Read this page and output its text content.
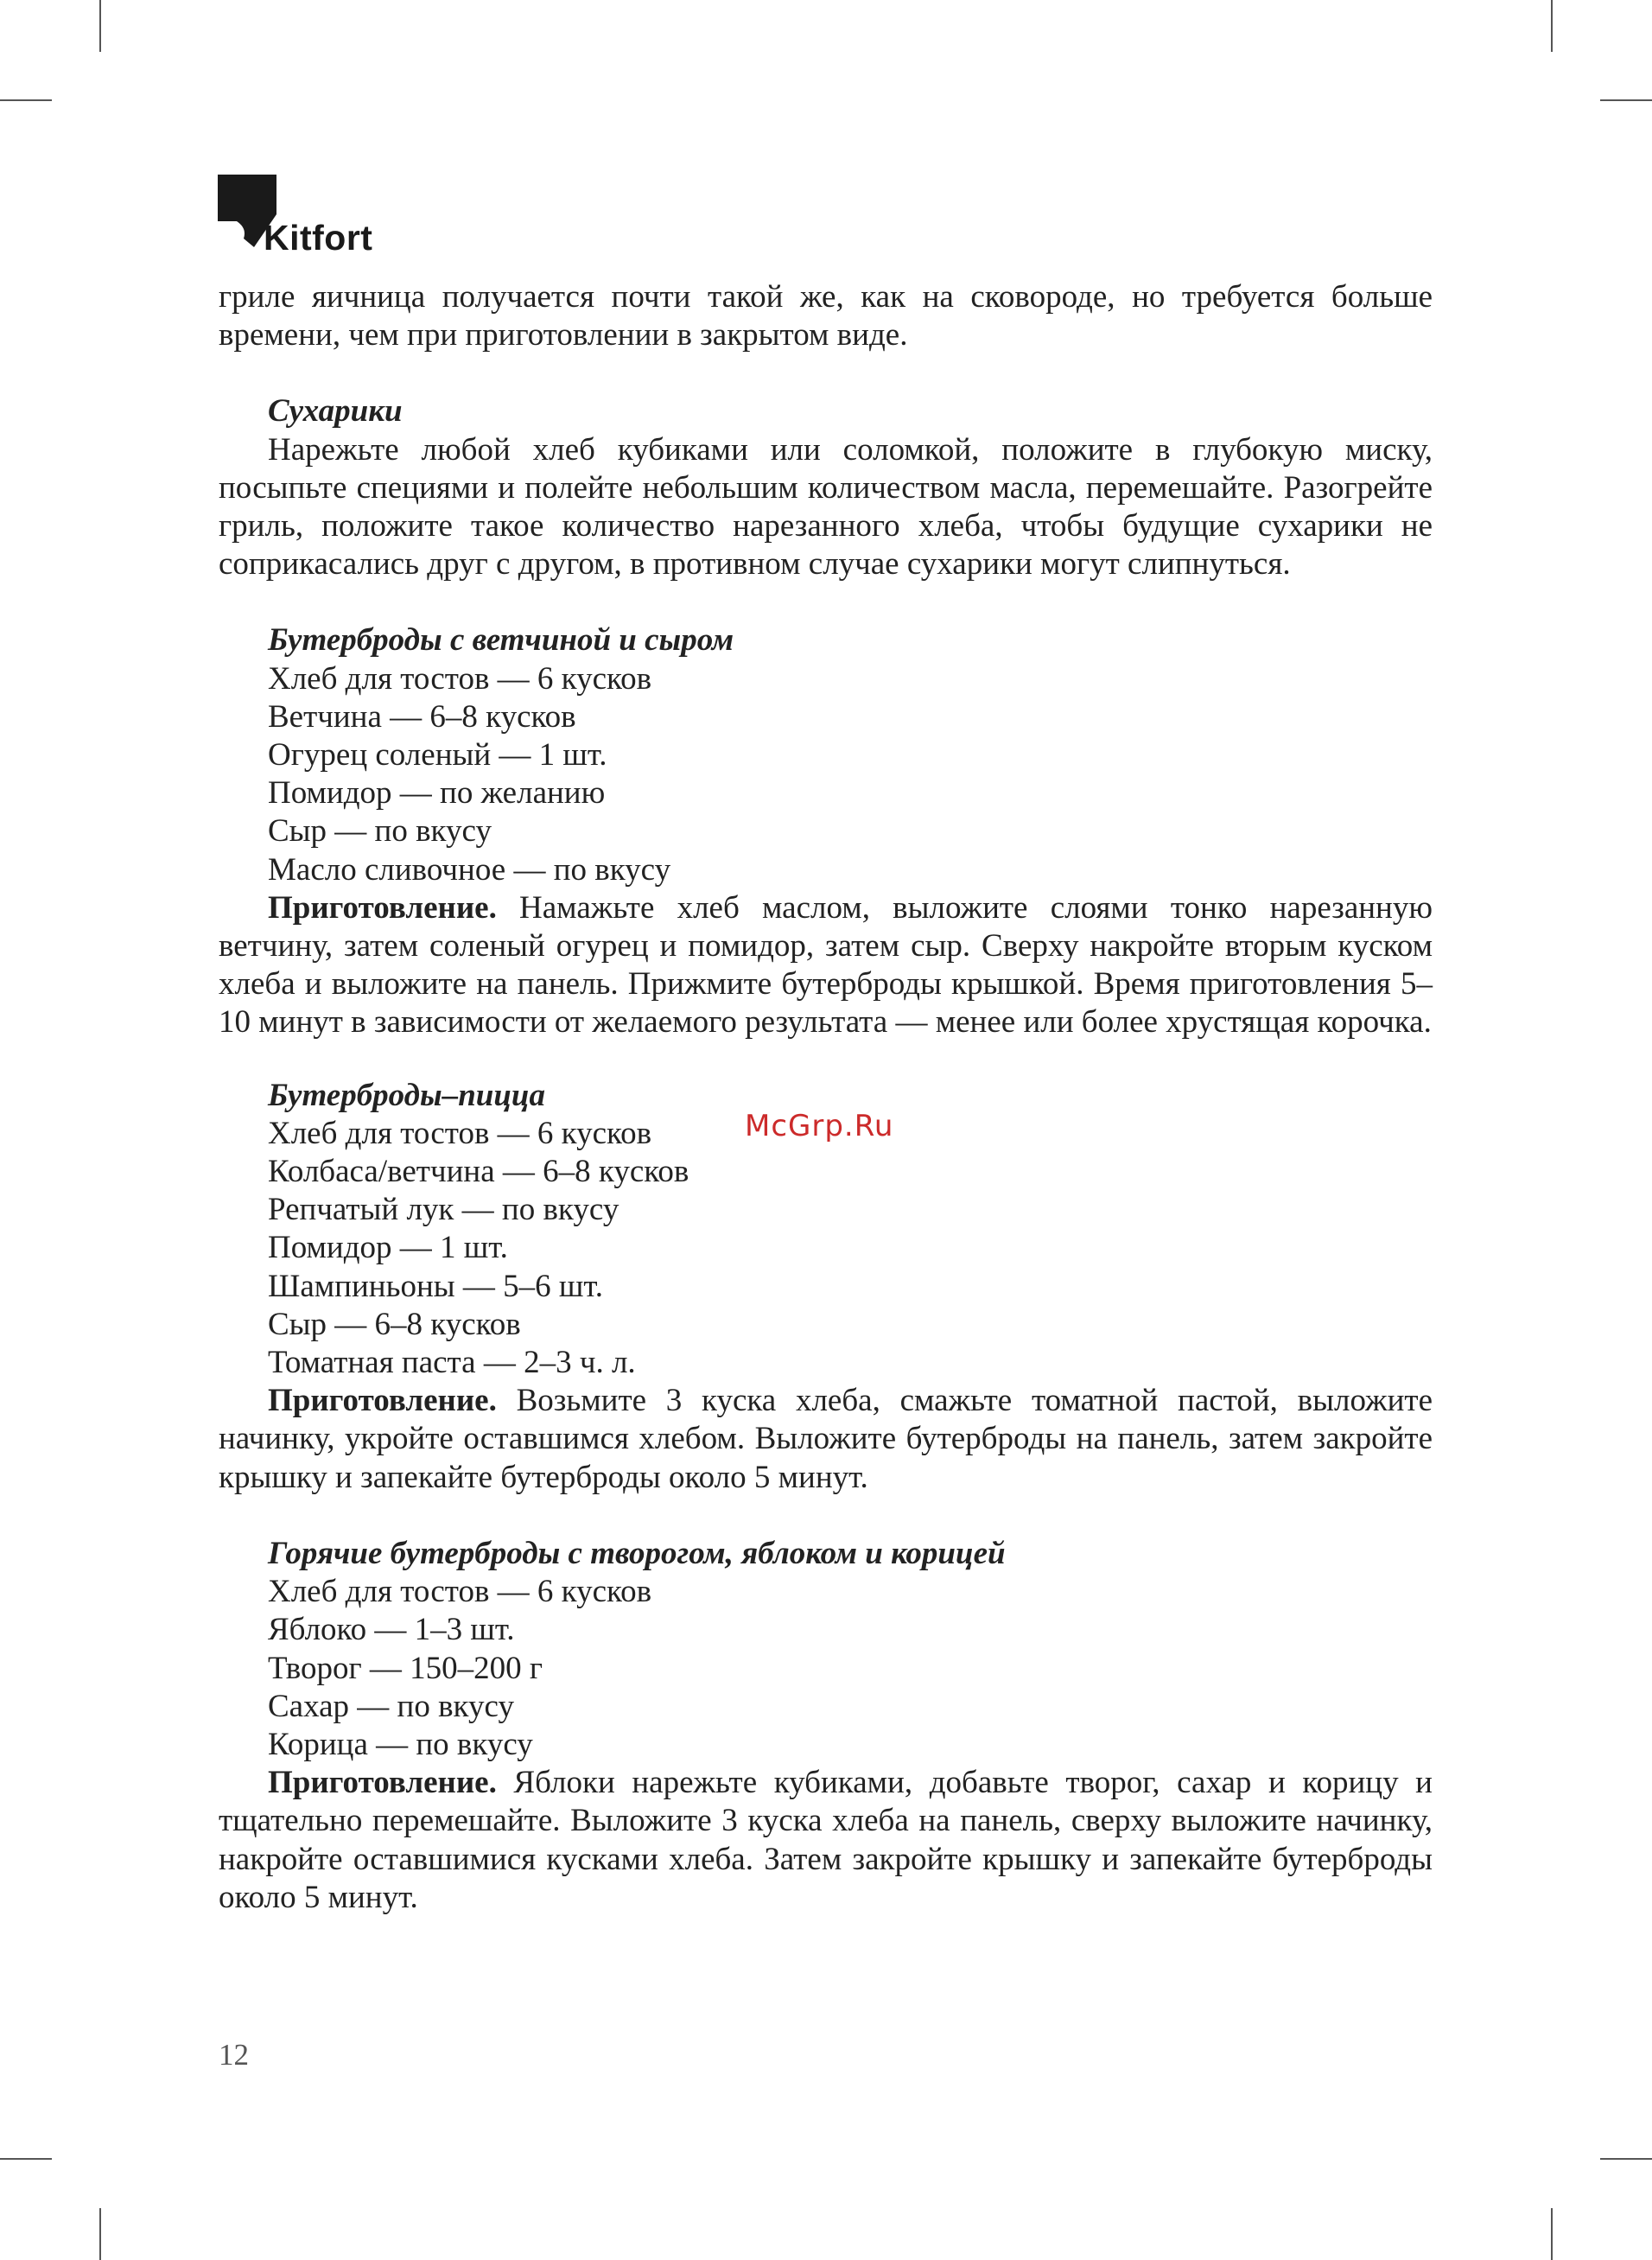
Kitfort

гриле яичница получается почти такой же, как на сковороде, но требуется больше времени, чем при приготовлении в закрытом виде.

Сухарики

Нарежьте любой хлеб кубиками или соломкой, положите в глубокую миску, посыпьте специями и полейте небольшим количеством масла, перемешайте. Разогрейте гриль, положите такое количество нарезанного хлеба, чтобы будущие сухарики не соприкасались друг с другом, в противном случае сухарики могут слипнуться.

Бутерброды с ветчиной и сыром
Хлеб для тостов — 6 кусков
Ветчина — 6–8 кусков
Огурец соленый — 1 шт.
Помидор — по желанию
Сыр — по вкусу
Масло сливочное — по вкусу

Приготовление. Намажьте хлеб маслом, выложите слоями тонко нарезанную ветчину, затем соленый огурец и помидор, затем сыр. Сверху накройте вторым куском хлеба и выложите на панель. Прижмите бутерброды крышкой. Время приготовления 5–10 минут в зависимости от желаемого результата — менее или более хрустящая корочка.

Бутерброды–пицца
Хлеб для тостов — 6 кусков
Колбаса/ветчина — 6–8 кусков
Репчатый лук — по вкусу
Помидор — 1 шт.
Шампиньоны — 5–6 шт.
Сыр — 6–8 кусков
Томатная паста — 2–3 ч. л.

Приготовление. Возьмите 3 куска хлеба, смажьте томатной пастой, выложите начинку, укройте оставшимся хлебом. Выложите бутерброды на панель, затем закройте крышку и запекайте бутерброды около 5 минут.

Горячие бутерброды с творогом, яблоком и корицей
Хлеб для тостов — 6 кусков
Яблоко — 1–3 шт.
Творог — 150–200 г
Сахар — по вкусу
Корица — по вкусу

Приготовление. Яблоки нарежьте кубиками, добавьте творог, сахар и корицу и тщательно перемешайте. Выложите 3 куска хлеба на панель, сверху выложите начинку, накройте оставшимися кусками хлеба. Затем закройте крышку и запекайте бутерброды около 5 минут.

McGrp.Ru
12
